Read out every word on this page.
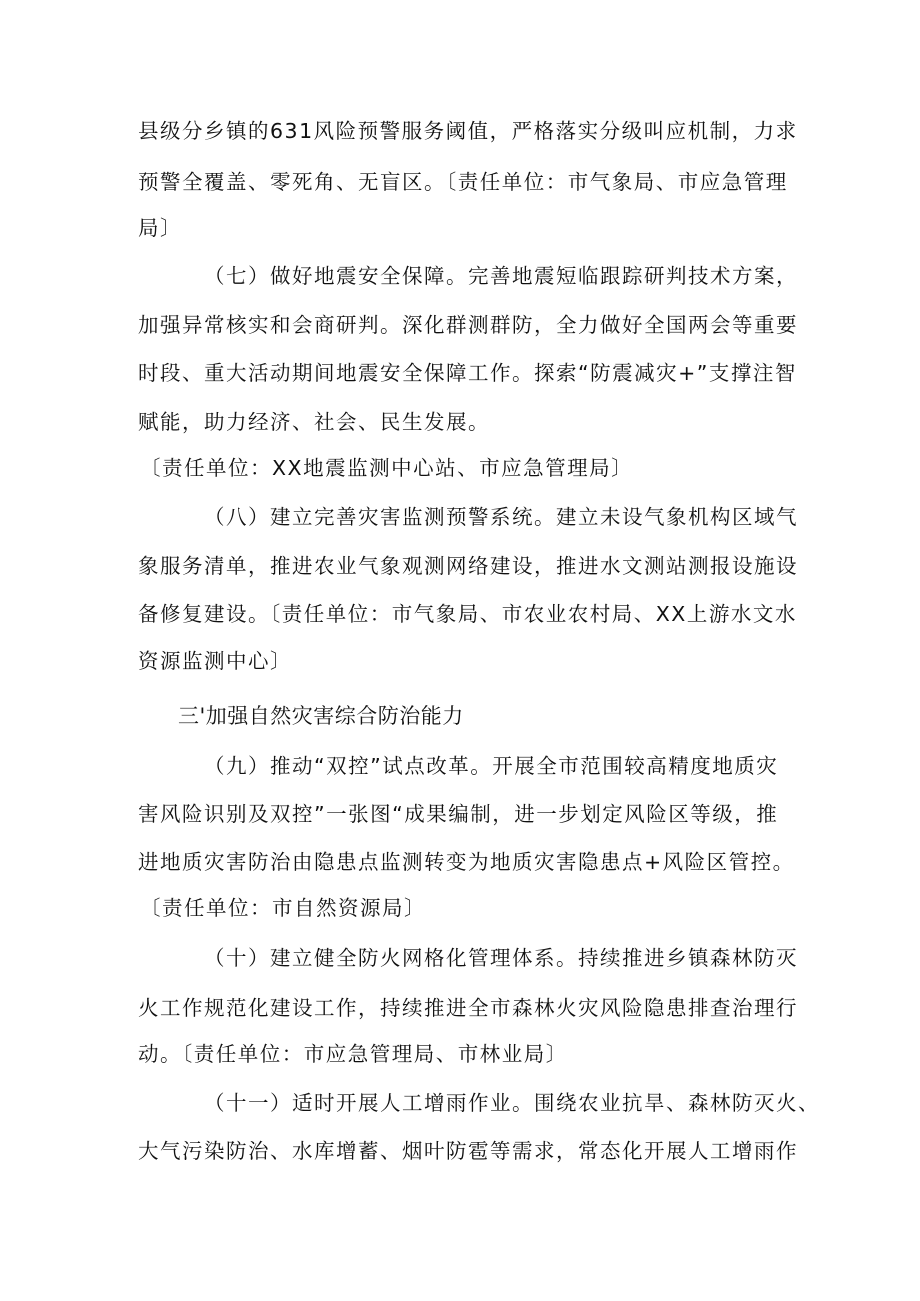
县级分乡镇的631风险预警服务阈值，严格落实分级叫应机制，力求
预警全覆盖、零死角、无盲区。〔责任单位：市气象局、市应急管理
局〕
（七）做好地震安全保障。完善地震短临跟踪研判技术方案，
加强异常核实和会商研判。深化群测群防，全力做好全国两会等重要
时段、重大活动期间地震安全保障工作。探索“防震减灾+”支撑注智
赋能，助力经济、社会、民生发展。
〔责任单位：XX地震监测中心站、市应急管理局〕
（八）建立完善灾害监测预警系统。建立未设气象机构区域气
象服务清单，推进农业气象观测网络建设，推进水文测站测报设施设
备修复建设。〔责任单位：市气象局、市农业农村局、XX上游水文水
资源监测中心〕
三'加强自然灾害综合防治能力
（九）推动“双控”试点改革。开展全市范围较高精度地质灾
害风险识别及双控”一张图“成果编制，进一步划定风险区等级，推
进地质灾害防治由隐患点监测转变为地质灾害隐患点+风险区管控。
〔责任单位：市自然资源局〕
（十）建立健全防火网格化管理体系。持续推进乡镇森林防灭
火工作规范化建设工作，持续推进全市森林火灾风险隐患排查治理行
动。〔责任单位：市应急管理局、市林业局〕
（十一）适时开展人工增雨作业。围绕农业抗旱、森林防灭火、
大气污染防治、水库增蓄、烟叶防雹等需求，常态化开展人工增雨作
